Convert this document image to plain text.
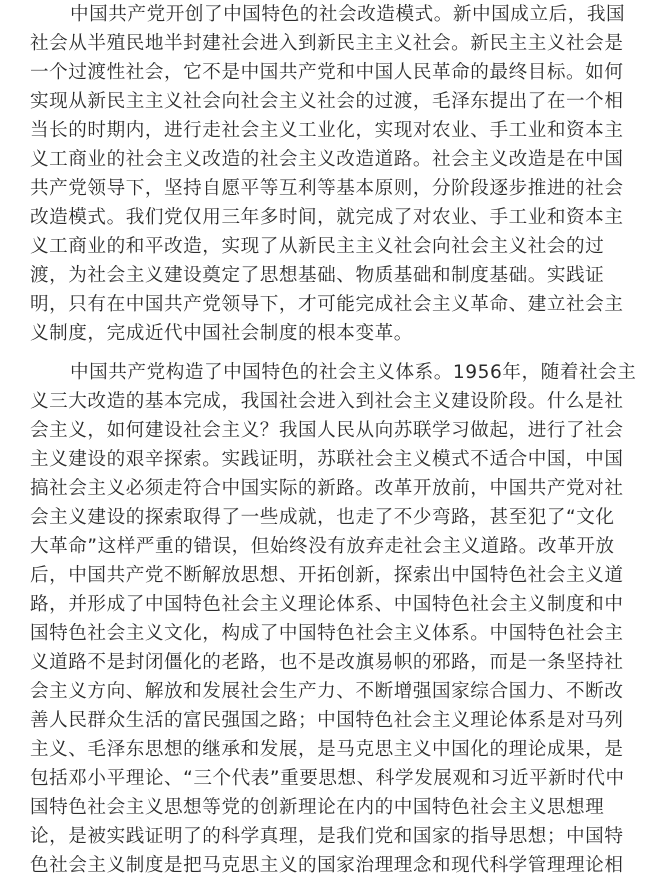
中国共产党开创了中国特色的社会改造模式。新中国成立后，我国
社会从半殖民地半封建社会进入到新民主主义社会。新民主主义社会是
一个过渡性社会，它不是中国共产党和中国人民革命的最终目标。如何
实现从新民主主义社会向社会主义社会的过渡，毛泽东提出了在一个相
当长的时期内，进行走社会主义工业化，实现对农业、手工业和资本主
义工商业的社会主义改造的社会主义改造道路。社会主义改造是在中国
共产党领导下，坚持自愿平等互利等基本原则，分阶段逐步推进的社会
改造模式。我们党仅用三年多时间，就完成了对农业、手工业和资本主
义工商业的和平改造，实现了从新民主主义社会向社会主义社会的过
渡，为社会主义建设奠定了思想基础、物质基础和制度基础。实践证
明，只有在中国共产党领导下，才可能完成社会主义革命、建立社会主
义制度，完成近代中国社会制度的根本变革。
中国共产党构造了中国特色的社会主义体系。1956年，随着社会主
义三大改造的基本完成，我国社会进入到社会主义建设阶段。什么是社
会主义，如何建设社会主义？我国人民从向苏联学习做起，进行了社会
主义建设的艰辛探索。实践证明，苏联社会主义模式不适合中国，中国
搞社会主义必须走符合中国实际的新路。改革开放前，中国共产党对社
会主义建设的探索取得了一些成就，也走了不少弯路，甚至犯了“文化
大革命”这样严重的错误，但始终没有放弃走社会主义道路。改革开放
后，中国共产党不断解放思想、开拓创新，探索出中国特色社会主义道
路，并形成了中国特色社会主义理论体系、中国特色社会主义制度和中
国特色社会主义文化，构成了中国特色社会主义体系。中国特色社会主
义道路不是封闭僵化的老路，也不是改旗易帜的邪路，而是一条坚持社
会主义方向、解放和发展社会生产力、不断增强国家综合国力、不断改
善人民群众生活的富民强国之路；中国特色社会主义理论体系是对马列
主义、毛泽东思想的继承和发展，是马克思主义中国化的理论成果，是
包括邓小平理论、“三个代表”重要思想、科学发展观和习近平新时代中
国特色社会主义思想等党的创新理论在内的中国特色社会主义思想理
论，是被实践证明了的科学真理，是我们党和国家的指导思想；中国特
色社会主义制度是把马克思主义的国家治理理念和现代科学管理理论相
